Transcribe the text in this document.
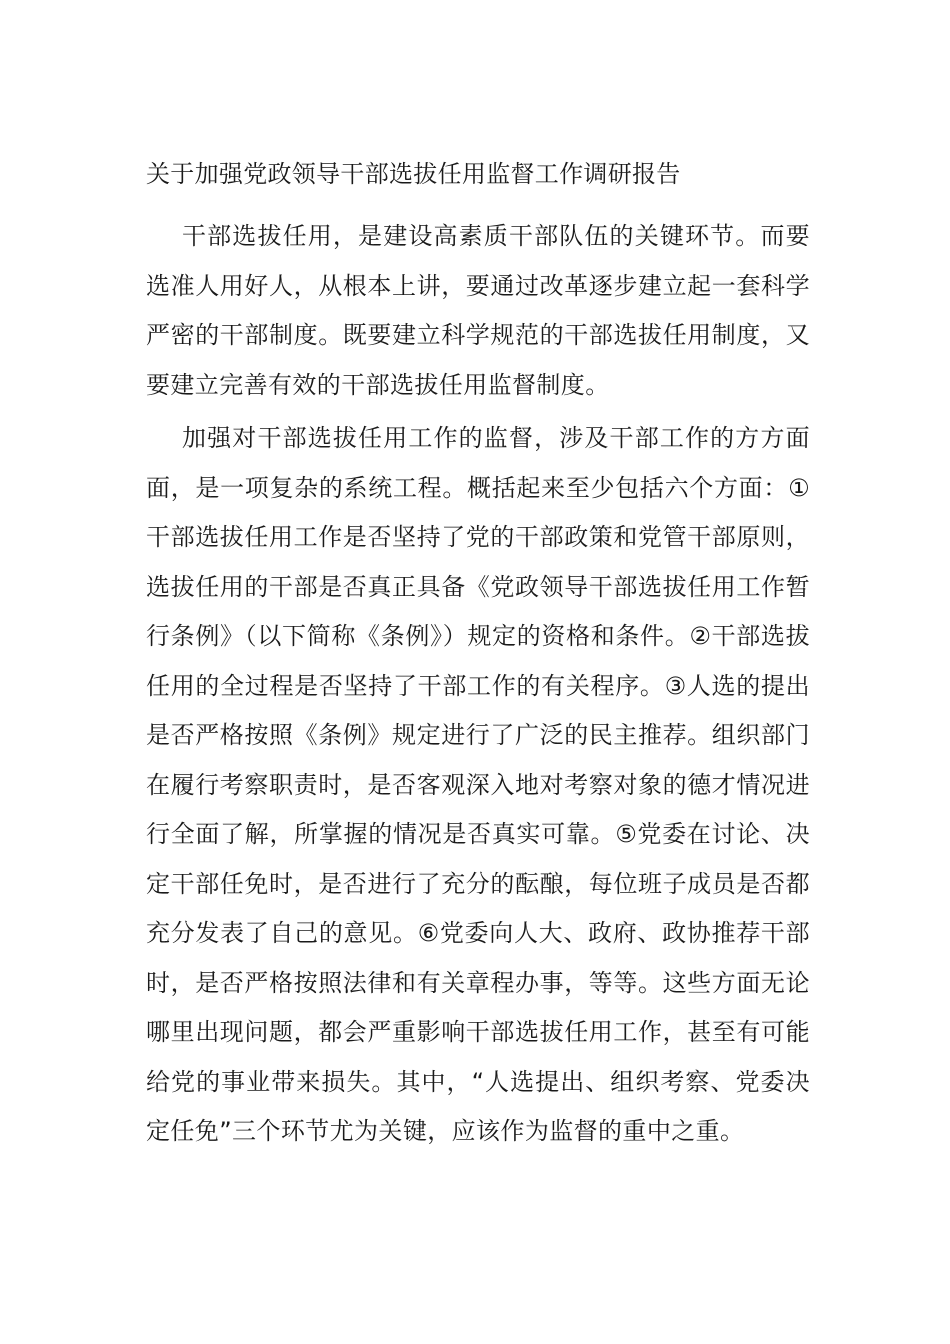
关于加强党政领导干部选拔任用监督工作调研报告

干部选拔任用，是建设高素质干部队伍的关键环节。而要选准人用好人，从根本上讲，要通过改革逐步建立起一套科学严密的干部制度。既要建立科学规范的干部选拔任用制度，又要建立完善有效的干部选拔任用监督制度。

加强对干部选拔任用工作的监督，涉及干部工作的方方面面，是一项复杂的系统工程。概括起来至少包括六个方面：①干部选拔任用工作是否坚持了党的干部政策和党管干部原则，选拔任用的干部是否真正具备《党政领导干部选拔任用工作暂行条例》（以下简称《条例》）规定的资格和条件。②干部选拔任用的全过程是否坚持了干部工作的有关程序。③人选的提出是否严格按照《条例》规定进行了广泛的民主推荐。组织部门在履行考察职责时，是否客观深入地对考察对象的德才情况进行全面了解，所掌握的情况是否真实可靠。⑤党委在讨论、决定干部任免时，是否进行了充分的酝酿，每位班子成员是否都充分发表了自己的意见。⑥党委向人大、政府、政协推荐干部时，是否严格按照法律和有关章程办事，等等。这些方面无论哪里出现问题，都会严重影响干部选拔任用工作，甚至有可能给党的事业带来损失。其中，“人选提出、组织考察、党委决定任免”三个环节尤为关键，应该作为监督的重中之重。
